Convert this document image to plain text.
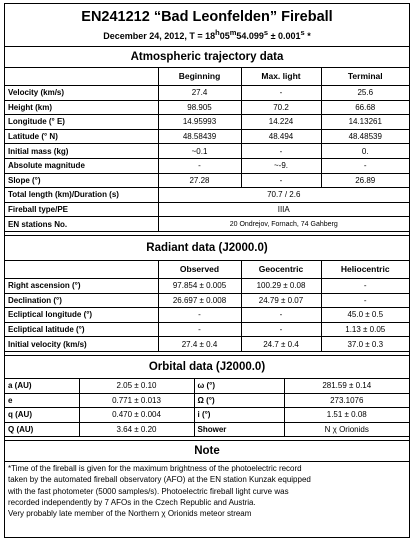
EN241212 “Bad Leonfelden” Fireball
December 24, 2012, $T = 18^h05^m54.099^s \pm 0.001^s$ *
Atmospheric trajectory data
	Beginning	Max. light	Terminal
Velocity (km/s)	27.4	-	25.6
Height (km)	98.905	70.2	66.68
Longitude (° E)	14.95993	14.224	14.13261
Latitude (° N)	48.58439	48.494	48.48539
Initial mass (kg)	~0.1	-	0.
Absolute magnitude	-	~-9.	-
Slope (°)	27.28	-	26.89
Total length (km)/Duration (s)	70.7 / 2.6		
Fireball type/PE	IIIA		
EN stations No.	20 Ondrejov, Fornach, 74 Gahberg		
Radiant data (J2000.0)
	Observed	Geocentric	Heliocentric
Right ascension (°)	97.854 ± 0.005	100.29 ± 0.08	-
Declination (°)	26.697 ± 0.008	24.79 ± 0.07	-
Ecliptical longitude (°)	-	-	45.0 ± 0.5
Ecliptical latitude (°)	-	-	1.13 ± 0.05
Initial velocity (km/s)	27.4 ± 0.4	24.7 ± 0.4	37.0 ± 0.3
Orbital data (J2000.0)
a (AU)	2.05 ± 0.10	ω (°)	281.59 ± 0.14
e	0.771 ± 0.013	Ω (°)	273.1076
q (AU)	0.470 ± 0.004	i (°)	1.51 ± 0.08
Q (AU)	3.64 ± 0.20	Shower	N χ Orionids
Note
*Time of the fireball is given for the maximum brightness of the photoelectric record
taken by the automated fireball observatory (AFO) at the EN station Kunzak equipped
with the fast photometer (5000 samples/s). Photoelectric fireball light curve was
recorded independently by 7 AFOs in the Czech Republic and Austria.
Very probably late member of the Northern χ Orionids meteor stream
